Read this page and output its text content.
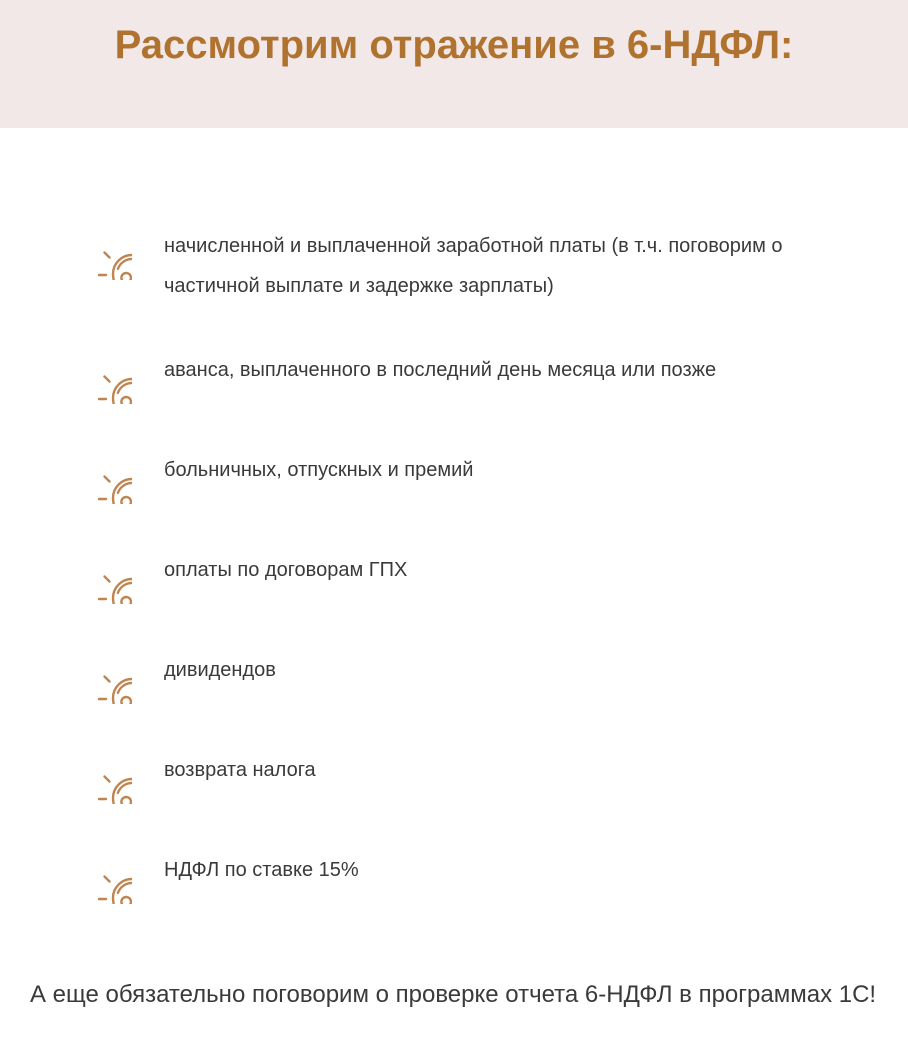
Рассмотрим отражение в 6-НДФЛ:

начисленной и выплаченной заработной платы (в т.ч. поговорим о частичной выплате и задержке зарплаты)

аванса, выплаченного в последний день месяца или позже

больничных, отпускных и премий

оплаты по договорам ГПХ

дивидендов

возврата налога

НДФЛ по ставке 15%

А еще обязательно поговорим о проверке отчета 6-НДФЛ в программах 1С!
